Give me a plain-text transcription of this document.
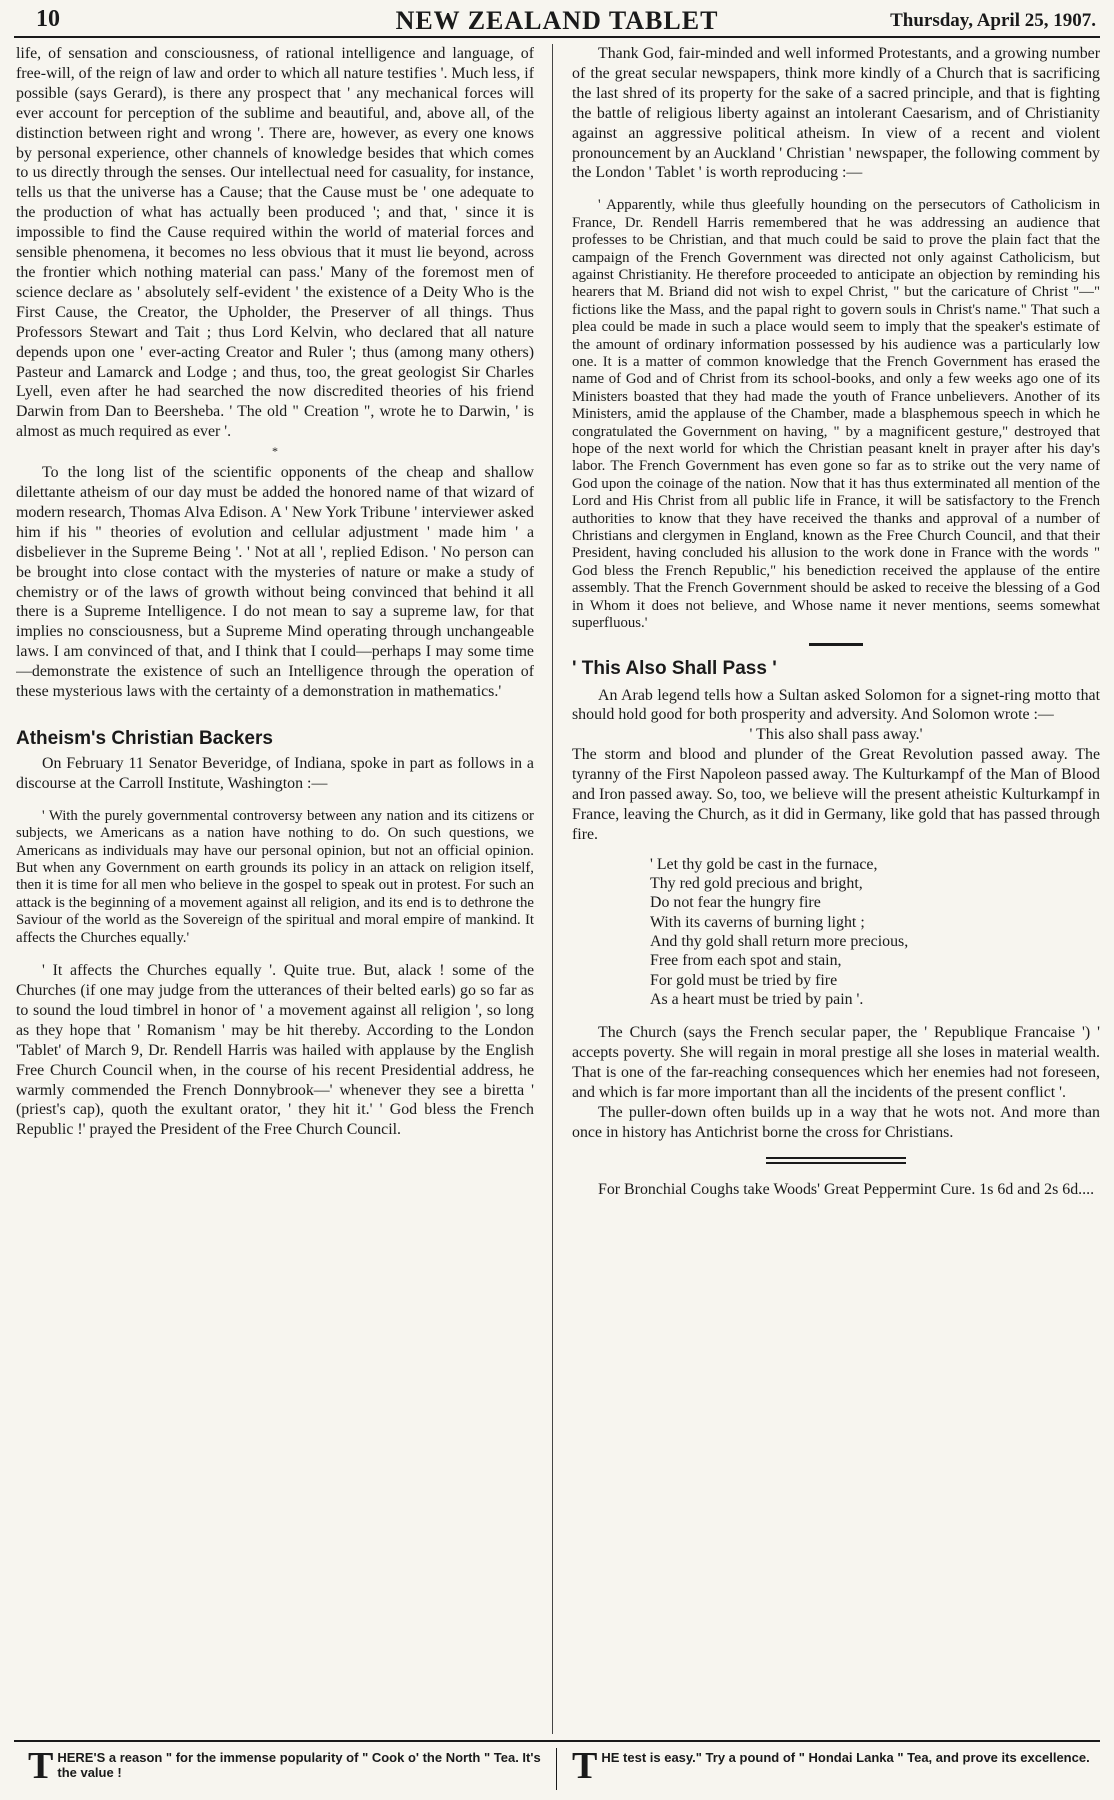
10	NEW ZEALAND TABLET	Thursday, April 25, 1907.

life, of sensation and consciousness, of rational intelligence and language, of free-will, of the reign of law and order to which all nature testifies '. Much less, if possible (says Gerard), is there any prospect that ' any mechanical forces will ever account for perception of the sublime and beautiful, and, above all, of the distinction between right and wrong '. There are, however, as every one knows by personal experience, other channels of knowledge besides that which comes to us directly through the senses. Our intellectual need for casuality, for instance, tells us that the universe has a Cause; that the Cause must be ' one adequate to the production of what has actually been produced '; and that, ' since it is impossible to find the Cause required within the world of material forces and sensible phenomena, it becomes no less obvious that it must lie beyond, across the frontier which nothing material can pass.' Many of the foremost men of science declare as ' absolutely self-evident ' the existence of a Deity Who is the First Cause, the Creator, the Upholder, the Preserver of all things. Thus Professors Stewart and Tait ; thus Lord Kelvin, who declared that all nature depends upon one ' ever-acting Creator and Ruler '; thus (among many others) Pasteur and Lamarck and Lodge ; and thus, too, the great geologist Sir Charles Lyell, even after he had searched the now discredited theories of his friend Darwin from Dan to Beersheba. ' The old " Creation ", wrote he to Darwin, ' is almost as much required as ever '.

*

To the long list of the scientific opponents of the cheap and shallow dilettante atheism of our day must be added the honored name of that wizard of modern research, Thomas Alva Edison. A ' New York Tribune ' interviewer asked him if his " theories of evolution and cellular adjustment ' made him ' a disbeliever in the Supreme Being '. ' Not at all ', replied Edison. ' No person can be brought into close contact with the mysteries of nature or make a study of chemistry or of the laws of growth without being convinced that behind it all there is a Supreme Intelligence. I do not mean to say a supreme law, for that implies no consciousness, but a Supreme Mind operating through unchangeable laws. I am convinced of that, and I think that I could—perhaps I may some time—demonstrate the existence of such an Intelligence through the operation of these mysterious laws with the certainty of a demonstration in mathematics.'

Atheism's Christian Backers

On February 11 Senator Beveridge, of Indiana, spoke in part as follows in a discourse at the Carroll Institute, Washington :—

' With the purely governmental controversy between any nation and its citizens or subjects, we Americans as a nation have nothing to do. On such questions, we Americans as individuals may have our personal opinion, but not an official opinion. But when any Government on earth grounds its policy in an attack on religion itself, then it is time for all men who believe in the gospel to speak out in protest. For such an attack is the beginning of a movement against all religion, and its end is to dethrone the Saviour of the world as the Sovereign of the spiritual and moral empire of mankind. It affects the Churches equally.'

' It affects the Churches equally '. Quite true. But, alack ! some of the Churches (if one may judge from the utterances of their belted earls) go so far as to sound the loud timbrel in honor of ' a movement against all religion ', so long as they hope that ' Romanism ' may be hit thereby. According to the London 'Tablet' of March 9, Dr. Rendell Harris was hailed with applause by the English Free Church Council when, in the course of his recent Presidential address, he warmly commended the French Donnybrook—' whenever they see a biretta ' (priest's cap), quoth the exultant orator, ' they hit it.' ' God bless the French Republic !' prayed the President of the Free Church Council.

Thank God, fair-minded and well informed Protestants, and a growing number of the great secular newspapers, think more kindly of a Church that is sacrificing the last shred of its property for the sake of a sacred principle, and that is fighting the battle of religious liberty against an intolerant Caesarism, and of Christianity against an aggressive political atheism. In view of a recent and violent pronouncement by an Auckland ' Christian ' newspaper, the following comment by the London ' Tablet ' is worth reproducing :—

' Apparently, while thus gleefully hounding on the persecutors of Catholicism in France, Dr. Rendell Harris remembered that he was addressing an audience that professes to be Christian, and that much could be said to prove the plain fact that the campaign of the French Government was directed not only against Catholicism, but against Christianity. He therefore proceeded to anticipate an objection by reminding his hearers that M. Briand did not wish to expel Christ, " but the caricature of Christ "—" fictions like the Mass, and the papal right to govern souls in Christ's name." That such a plea could be made in such a place would seem to imply that the speaker's estimate of the amount of ordinary information possessed by his audience was a particularly low one. It is a matter of common knowledge that the French Government has erased the name of God and of Christ from its school-books, and only a few weeks ago one of its Ministers boasted that they had made the youth of France unbelievers. Another of its Ministers, amid the applause of the Chamber, made a blasphemous speech in which he congratulated the Government on having, " by a magnificent gesture," destroyed that hope of the next world for which the Christian peasant knelt in prayer after his day's labor. The French Government has even gone so far as to strike out the very name of God upon the coinage of the nation. Now that it has thus exterminated all mention of the Lord and His Christ from all public life in France, it will be satisfactory to the French authorities to know that they have received the thanks and approval of a number of Christians and clergymen in England, known as the Free Church Council, and that their President, having concluded his allusion to the work done in France with the words " God bless the French Republic," his benediction received the applause of the entire assembly. That the French Government should be asked to receive the blessing of a God in Whom it does not believe, and Whose name it never mentions, seems somewhat superfluous.'

' This Also Shall Pass '

An Arab legend tells how a Sultan asked Solomon for a signet-ring motto that should hold good for both prosperity and adversity. And Solomon wrote :—

' This also shall pass away.'

The storm and blood and plunder of the Great Revolution passed away. The tyranny of the First Napoleon passed away. The Kulturkampf of the Man of Blood and Iron passed away. So, too, we believe will the present atheistic Kulturkampf in France, leaving the Church, as it did in Germany, like gold that has passed through fire.

' Let thy gold be cast in the furnace,
Thy red gold precious and bright,
Do not fear the hungry fire
With its caverns of burning light ;
And thy gold shall return more precious,
Free from each spot and stain,
For gold must be tried by fire
As a heart must be tried by pain '.

The Church (says the French secular paper, the ' Republique Francaise ') ' accepts poverty. She will regain in moral prestige all she loses in material wealth. That is one of the far-reaching consequences which her enemies had not foreseen, and which is far more important than all the incidents of the present conflict '.

The puller-down often builds up in a way that he wots not. And more than once in history has Antichrist borne the cross for Christians.

For Bronchial Coughs take Woods' Great Peppermint Cure. 1s 6d and 2s 6d....

T HERE'S a reason " for the immense popularity of " Cook o' the North " Tea. It's the value !	T HE test is easy." Try a pound of " Hondai Lanka " Tea, and prove its excellence.
